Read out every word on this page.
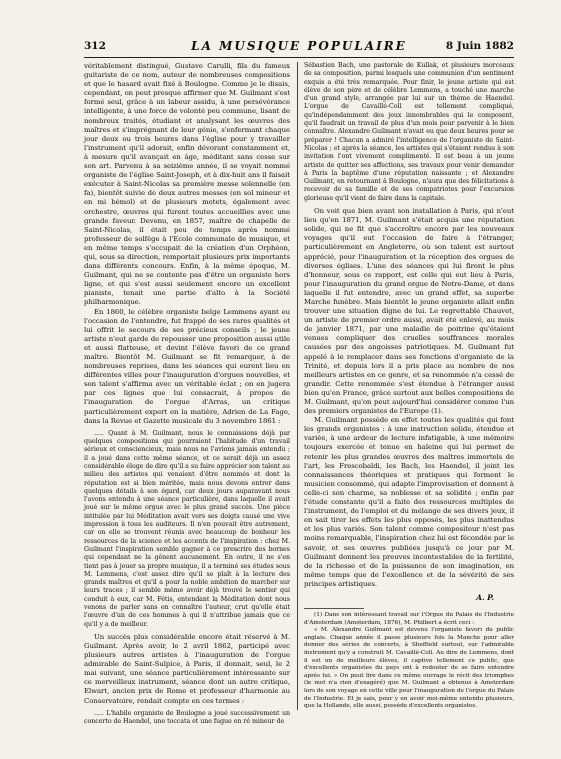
312	LA MUSIQUE POPULAIRE	8 Juin 1882

véritablement distingué, Gustave Carulli, fils du fameux guitariste de ce nom, auteur de nombreuses compositions et que le hasard avait fixé à Boulogne. Comme je le disais, cependant, on peut presque affirmer que M. Guilmant s'est formé seul, grâce à un labeur assidu, à une persévérance intelligente, à une force de volonté peu commune, lisant de nombreux traités, étudiant et analysant les œuvres des maîtres et s'imprégnant de leur génie, s'enfermant chaque jour deux ou trois heures dans l'église pour y travailler l'instrument qu'il adorait, enfin dévorant constamment et, à mesure qu'il avançait en âge, méditant sans cesse sur son art. Parvenu à sa seizième année, il se voyait nommé organiste de l'église Saint-Joseph, et à dix-huit ans il faisait exécuter à Saint-Nicolas sa première messe solennelle (en fa), bientôt suivie de deux autres messes (en sol mineur et en mi bémol) et de plusieurs motets, également avec orchestre, œuvres qui furent toutes accueillies avec une grande faveur. Devenu, en 1857, maître de chapelle de Saint-Nicolas, il était peu de temps après nommé professeur de solfège à l'Ecole communale de musique, et en même temps s'occupait de la création d'un Orphéon, qui, sous sa direction, remportait plusieurs prix importants dans différents concours. Enfin, à la même époque, M. Guilmant, qui ne se contente pas d'être un organiste hors ligne, et qui s'est aussi seulement encore un excellent pianiste, tenait une partie d'alto à la Société philharmonique.

En 1860, le célèbre organiste belge Lemmens ayant eu l'occasion de l'entendre, fut frappé de ses rares qualités et lui offrit le secours de ses précieux conseils ; le jeune artiste n'eut garde de repousser une proposition aussi utile et aussi flatteuse, et devint l'élève favori de ce grand maître. Bientôt M. Guilmant se fit remarquer, à de nombreuses reprises, dans les séances qui eurent lieu en différentes villes pour l'inauguration d'orgues nouvelles, et son talent s'affirma avec un véritable éclat ; on en jugera par ces lignes que lui consacrait, à propos de l'inauguration de l'orgue d'Arras, un critique particulièrement expert en la matière, Adrien de La Fage, dans la Revue et Gazette musicale du 3 novembre 1861 :

..... Quant à M. Guilmant, nous le connaissions déjà par quelques compositions qui pourraient l'habitude d'un travail sérieux et consciencieux, mais nous ne l'avions jamais entendu ; il a joué dans cette même séance, et ce serait déjà un assez considérable éloge de dire qu'il a su faire apprécier son talent au milieu des artistes qui venaient d'être nommés et dont la réputation est si bien méritée, mais nous devons entrer dans quelques détails à son égard, car deux jours auparavant nous l'avons entendu à une séance particulière, dans laquelle il avait joué sur le même orgue avec le plus grand succès. Une pièce intitulée par lui Méditation avait vers ses doigts causé une vive impression à tous les auditeurs. Il n'en pouvait être autrement, car on elle se trouvent réunis avec beaucoup de bonheur les ressources de la science et les accents de l'inspiration : chez M. Guilmant l'inspiration semble gagner à ce prescrire des bornes qui cependant ne la gênent aucunement. En outre, il ne s'en tient pas à jouer sa propre musique, il a terminé ses études sous M. Lemmens, c'est assez dire qu'il se plaît à la lecture des grands maîtres et qu'il a pour la noble ambition de marcher sur leurs traces ; il semble même avoir déjà trouvé le sentier qui conduit à eux, car M. Fétis, entendant la Méditation dont nous venons de parler sans en connaître l'auteur, crut qu'elle était l'œuvre d'un de ces hommes à qui il n'attribue jamais que ce qu'il y a de meilleur.

Un succès plus considérable encore était réservé à M. Guilmant. Après avoir, le 2 avril 1862, participé avec plusieurs autres artistes à l'inauguration de l'orgue admirable de Saint-Sulpice, à Paris, il donnait, seul, le 2 mai suivant, une séance particulièrement intéressante sur ce merveilleux instrument, séance dont un autre critique, Elwart, ancien prix de Rome et professeur d'harmonie au Conservatoire, rendait compte en ces termes :

..... L'habile organiste de Boulogne a joué successivement un concerto de Haendel, une toccata et une fugue en ré mineur de

Sébastien Bach, une pastorale de Kullak, et plusieurs morceaux de sa composition, parmi lesquels une communion d'un sentiment exquis a été très remarquée. Pour finir, le jeune artiste qui est élève de son père et de célèbre Lemmens, a touché une marche d'un grand style, arrangée par lui sur un thème de Haendel. L'orgue de Cavaillé-Coll est tellement compliqué, qu'indépendamment des jeux innombrables qui le composent, qu'il faudrait un travail de plus d'un mois pour parvenir à le bien connaître. Alexandre Guilmant n'avait eu que deux heures pour se préparer ! Chacun a admiré l'intelligence de l'organiste de Saint-Nicolas ; et après la séance, les artistes qui s'étaient rendus à son invitation l'ont vivement complimenté. Il est beau à un jeune artiste de quitter ses affections, ses travaux pour venir demander à Paris la baptême d'une réputation naissante ; et Alexandre Guilmant, en retournant à Boulogne, n'aura que des félicitations à recevoir de sa famille et de ses compatriotes pour l'excursion glorieuse qu'il vient de faire dans la capitale.

On voit que bien avant son installation à Paris, qui n'eut lieu qu'en 1871, M. Guilmant s'était acquis une réputation solide, qui ne fit que s'accroître encore par les nouveaux voyages qu'il eut l'occasion de faire à l'étranger, particulièrement en Angleterre, où son talent est surtout apprécié, pour l'inauguration et la réception des orgues de diverses églises. L'une des séances qui lui firent le plus d'honneur, sous ce rapport, est celle qui eut lieu à Paris, pour l'inauguration du grand orgue de Notre-Dame, et dans laquelle il fut entendre, avec un grand effet, sa superbe Marche funèbre. Mais bientôt le jeune organiste allait enfin trouver une situation digne de lui. Le regrettable Chauvet, un artiste de premier ordre aussi, avait été enlevé, au mois de janvier 1871, par une maladie de poitrine qu'étaient venues compliquer des cruelles souffrances morales causées par des angoisses patriotiques. M. Guilmant fut appelé à le remplacer dans ses fonctions d'organiste de la Trinité, et depuis lors il a pris place au nombre de nos meilleurs artistes en ce genre, et sa renommée n'a cessé de grandir. Cette renommée s'est étendue à l'étranger aussi bien qu'en France, grâce surtout aux belles compositions de M. Guilmant, qu'on peut aujourd'hui considérer comme l'un des premiers organistes de l'Europe (1).

M. Guilmant possède en effet toutes les qualités qui font les grands organistes : à une instruction solide, étendue et variée, à une ardeur de lecture infatigable, à une mémoire toujours exercée et tenue en haleine qui lui permet de retenir les plus grandes œuvres des maîtres immortels de l'art, les Frescobaldi, les Bach, les Haendel, il joint les connaissances théoriques et pratiques qui forment le musicien consommé, qui adapte l'improvisation et donnent à celle-ci son charme, sa noblesse et sa solidité ; enfin par l'étude constante qu'il a faite des ressources multiples de l'instrument, de l'emploi et du mélange de ses divers jeux, il en sait tirer les effets les plus opposés, les plus inattendus et les plus variés. Son talent comme compositeur n'est pas moins remarquable, l'inspiration chez lui est fécondée par le savoir, et ses œuvres publiées jusqu'à ce jour par M. Guilmant donnent les preuves incontestables de la fertilité, de la richesse et de la puissance de son imagination, en même temps que de l'excellence et de la sévérité de ses principes artistiques.

A. P.

(1) Dans son intéressant travail sur l'Orgue du Palais de l'Industrie d'Amsterdam (Amsterdam, 1876), M. Philbert a écrit ceci :

« M. Alexandre Guilmant est devenu l'organiste favori du public anglais. Chaque année il passe plusieurs fois la Manche pour aller donner des séries de concerts, à Sheffield surtout, sur l'admirable instrument qu'y a construit M. Cavaillé-Coll. Au dire de Lemmens, dont il est un de meilleurs élèves, il captive tellement ce public, que d'excellents organistes du pays ont à redouter de se faire entendre après lui. » On peut lire dans ce même ouvrage le récit des triomphes (le mot n'a rien d'exagéré) que M. Guilmant a obtenus à Amsterdam lors de son voyage en cette ville pour l'inauguration de l'orgue du Palais de l'Industrie. Et je sais, pour y en avoir moi-même entendu plusieurs, que la Hollande, elle aussi, possède d'excellents organistes.
